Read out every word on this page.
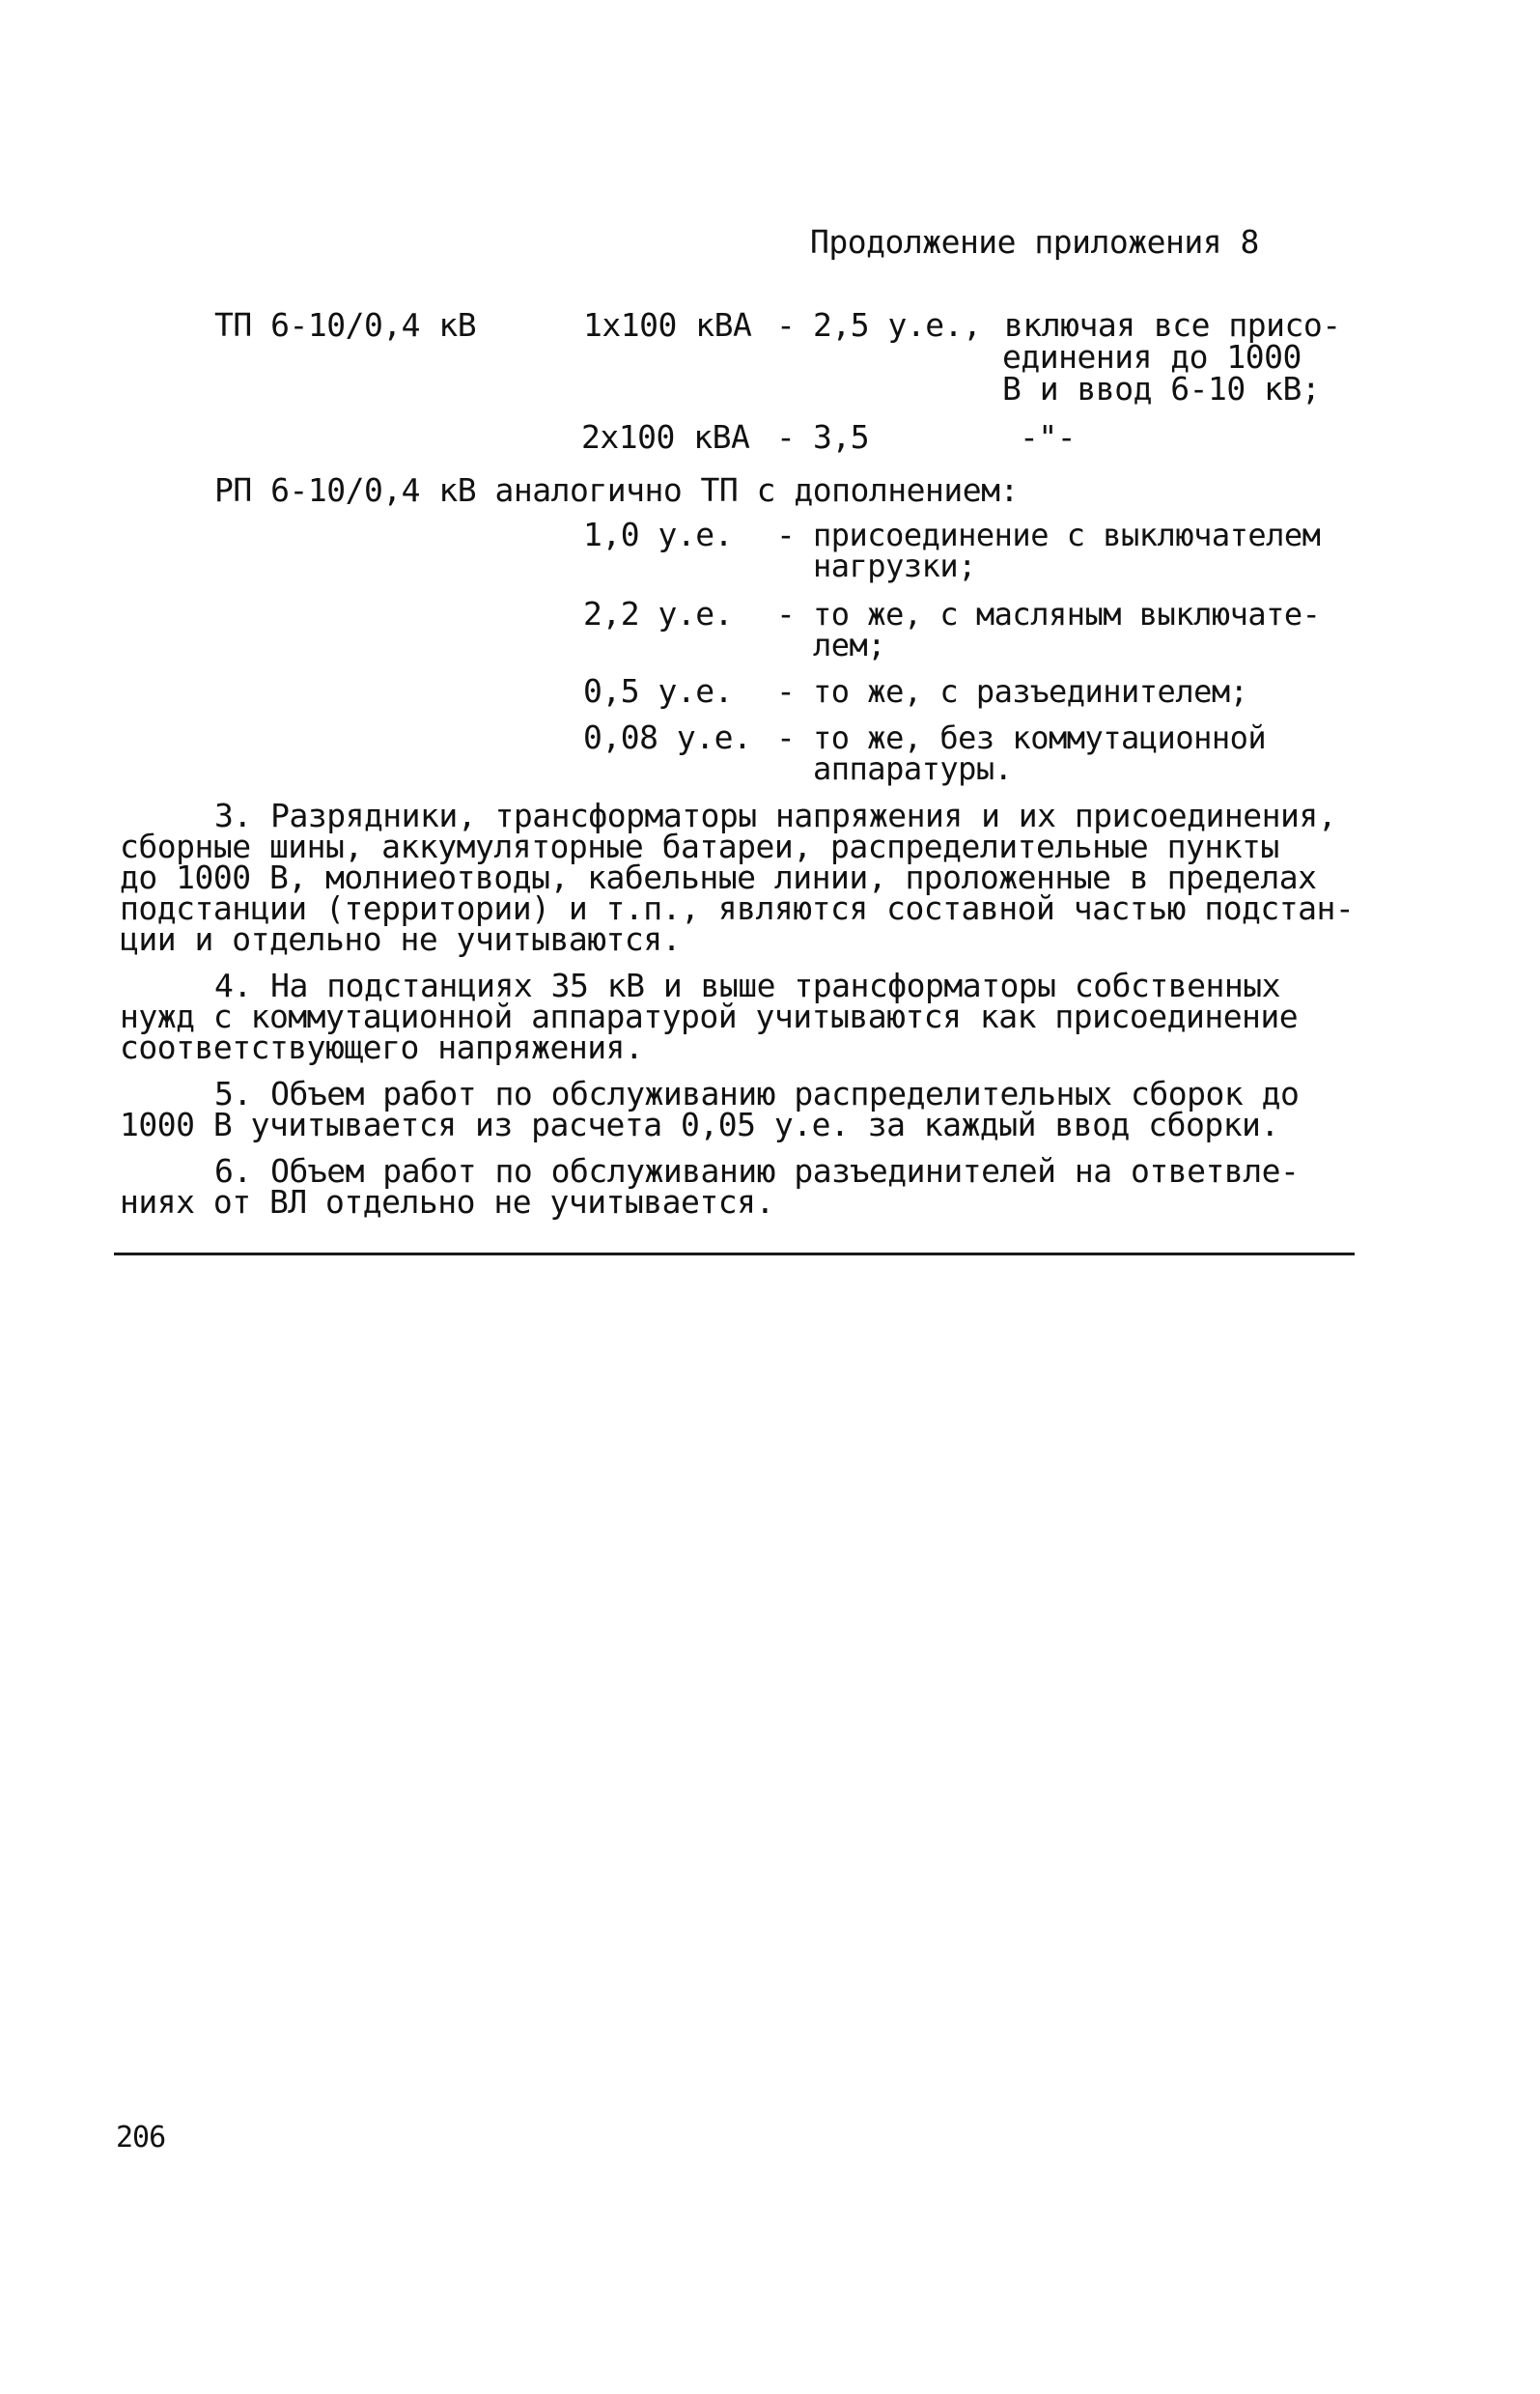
Продолжение приложения 8
ТП 6-10/0,4 кВ	1х100 кВА - 2,5 у.е., включая все присо-
единения до 1000
В и ввод 6-10 кВ;
2х100 кВА - 3,5	-"-
РП 6-10/0,4 кВ аналогично ТП с дополнением:
1,0 у.е. - присоединение с выключателем
нагрузки;
2,2 у.е. - то же, с масляным выключате-
лем;
0,5 у.е. - то же, с разъединителем;
0,08 у.е. - то же, без коммутационной
аппаратуры.
3. Разрядники, трансформаторы напряжения и их присоединения,
сборные шины, аккумуляторные батареи, распределительные пункты
до 1000 В, молниеотводы, кабельные линии, проложенные в пределах
подстанции (территории) и т.п., являются составной частью подстан-
ции и отдельно не учитываются.
4. На подстанциях 35 кВ и выше трансформаторы собственных
нужд с коммутационной аппаратурой учитываются как присоединение
соответствующего напряжения.
5. Объем работ по обслуживанию распределительных сборок до
1000 В учитывается из расчета 0,05 у.е. за каждый ввод сборки.
6. Объем работ по обслуживанию разъединителей на ответвле-
ниях от ВЛ отдельно не учитывается.
206
